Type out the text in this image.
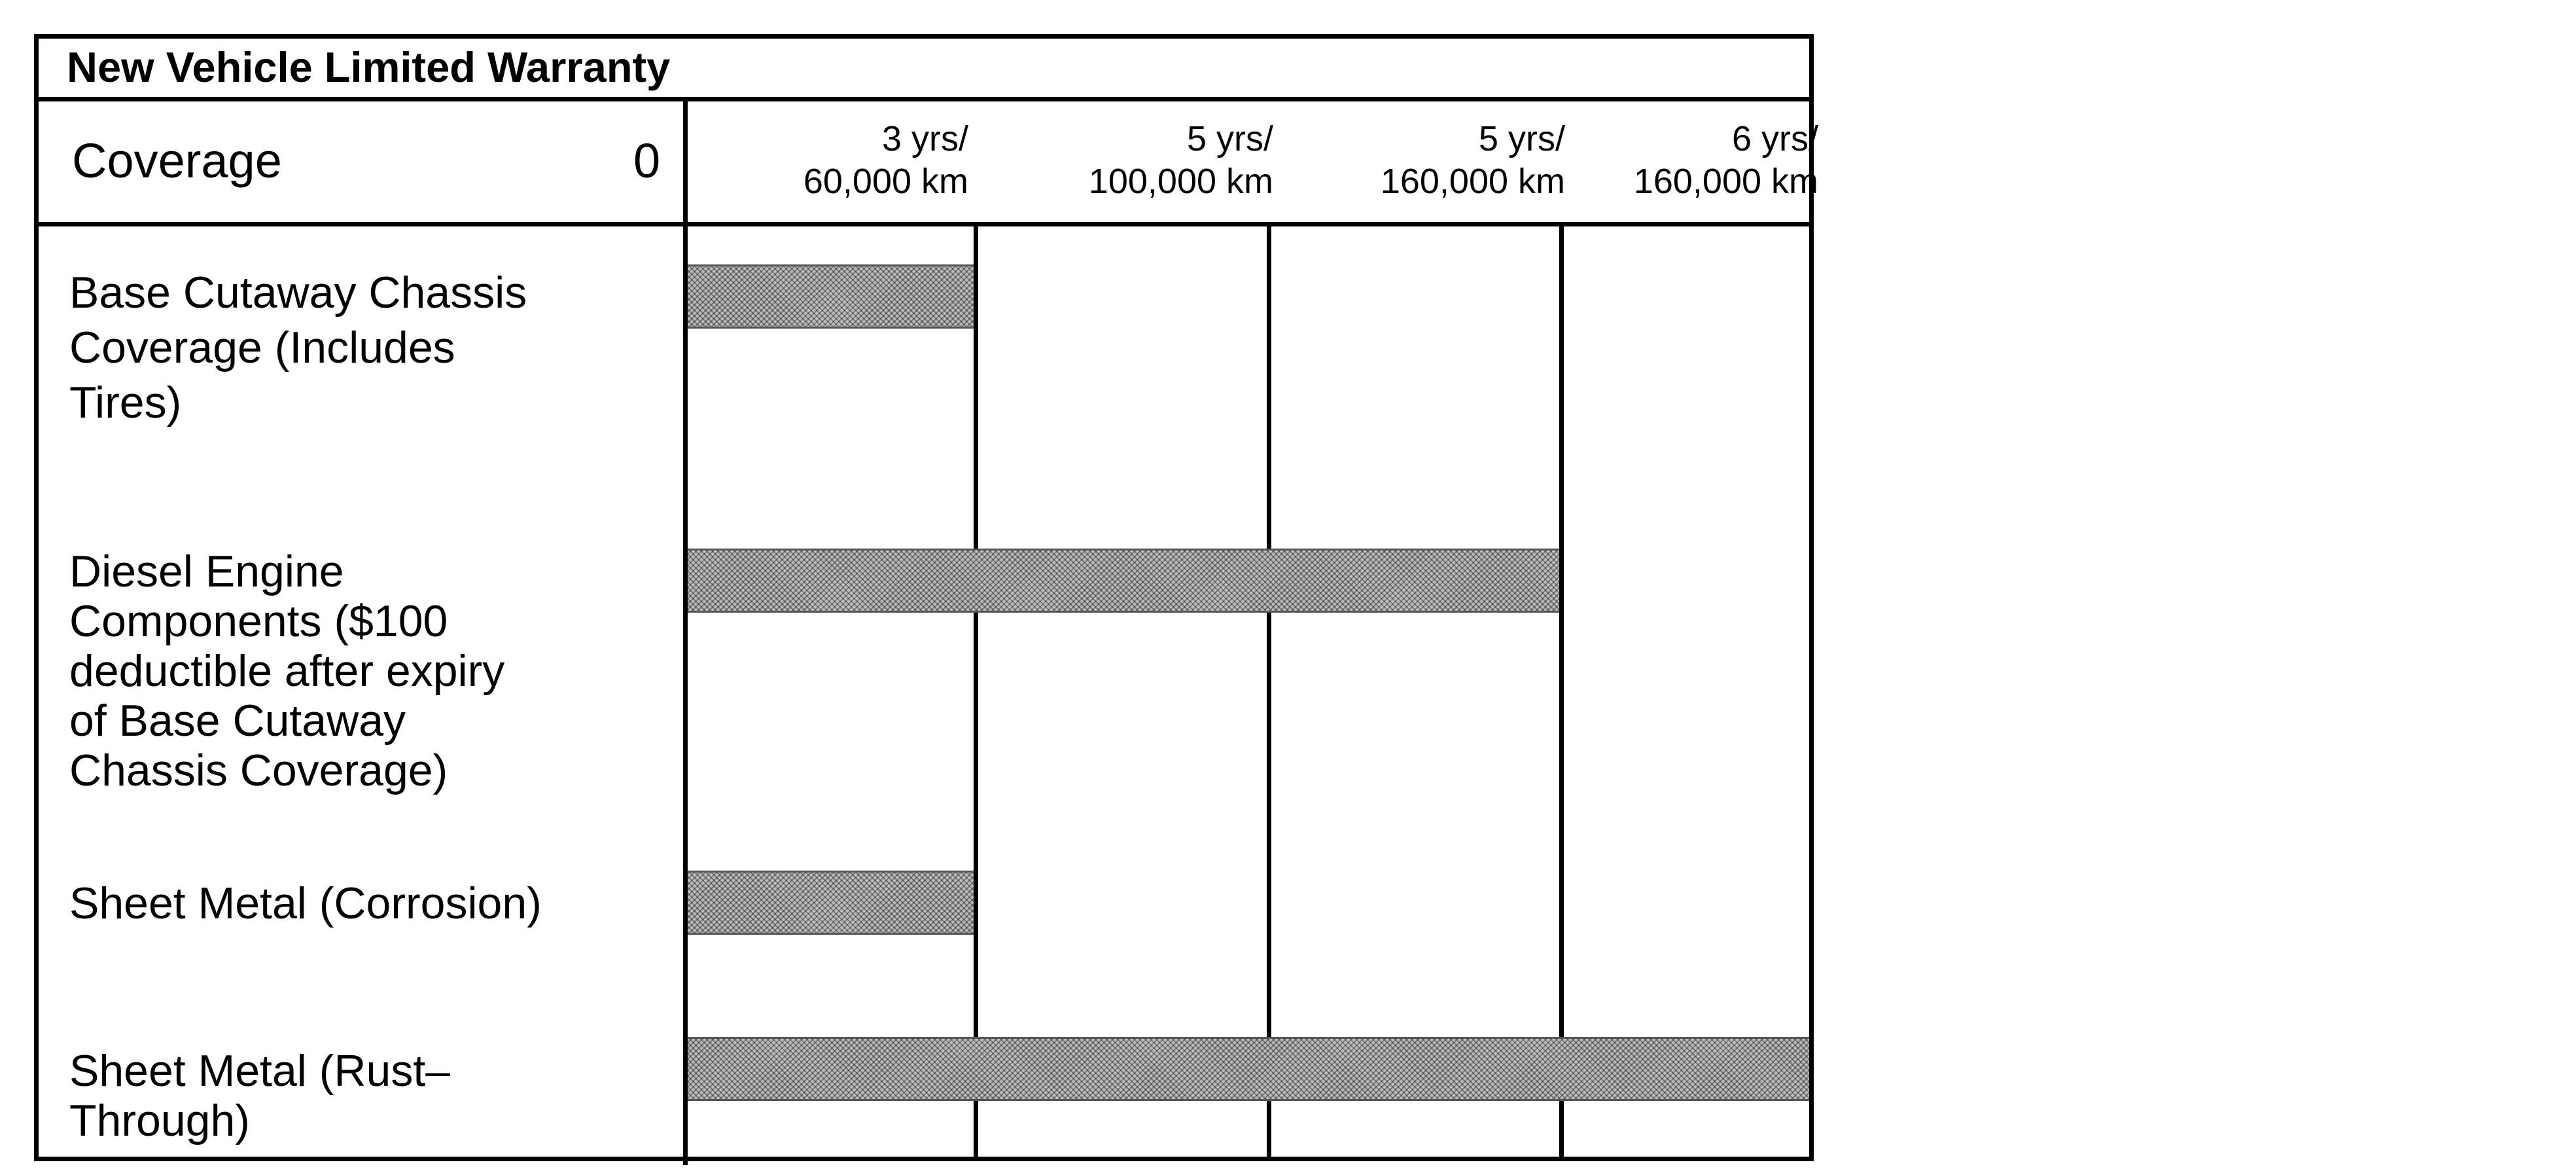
New Vehicle Limited Warranty
Coverage	0	3 yrs/
60,000 km
5 yrs/
100,000 km
5 yrs/
160,000 km
6 yrs/
160,000 km
Base Cutaway Chassis
Coverage (Includes
Tires)
Diesel Engine
Components ($100
deductible after expiry
of Base Cutaway
Chassis Coverage)
Sheet Metal (Corrosion)
Sheet Metal (Rust–
Through)
